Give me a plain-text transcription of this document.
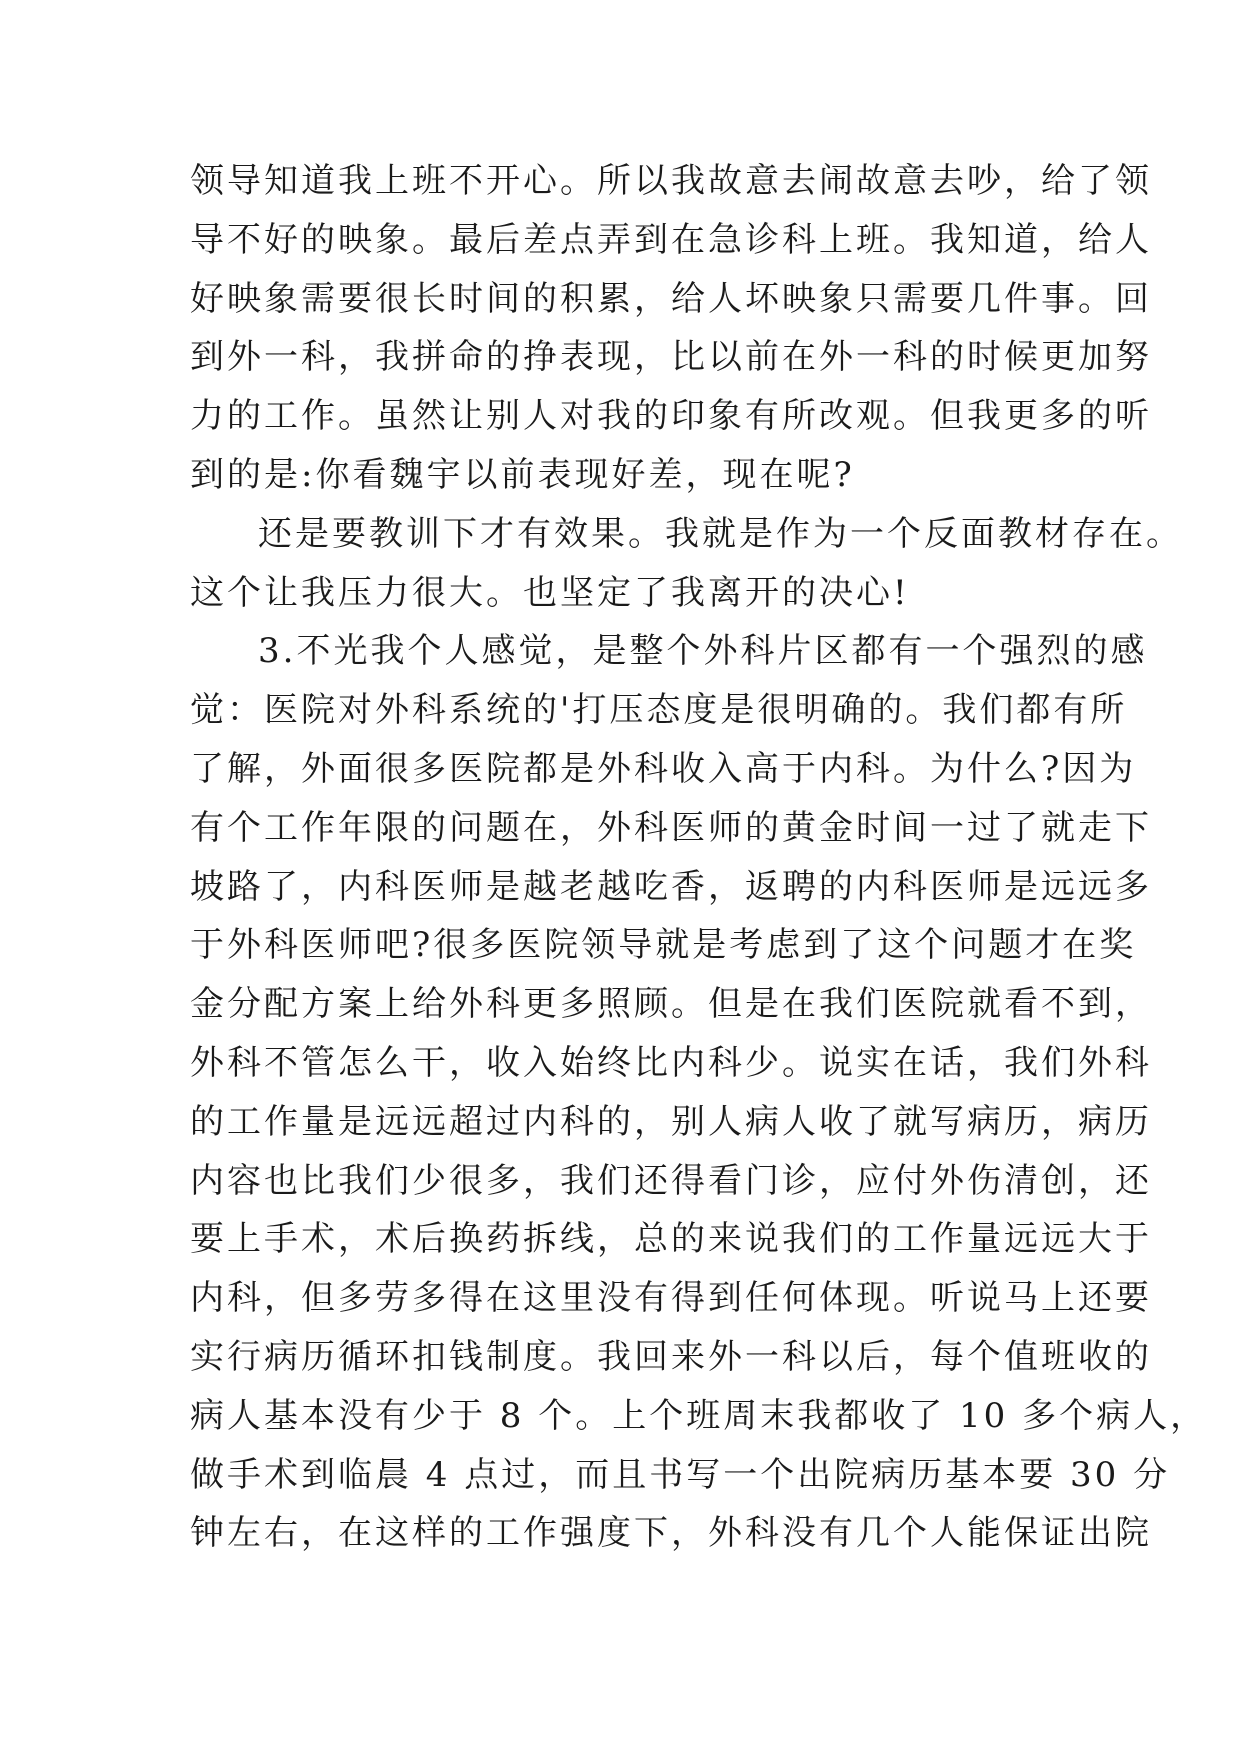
领导知道我上班不开心。所以我故意去闹故意去吵，给了领
导不好的映象。最后差点弄到在急诊科上班。我知道，给人
好映象需要很长时间的积累，给人坏映象只需要几件事。回
到外一科，我拼命的挣表现，比以前在外一科的时候更加努
力的工作。虽然让别人对我的印象有所改观。但我更多的听
到的是:你看魏宇以前表现好差，现在呢?
还是要教训下才有效果。我就是作为一个反面教材存在。
这个让我压力很大。也坚定了我离开的决心!
3.不光我个人感觉，是整个外科片区都有一个强烈的感
觉：医院对外科系统的'打压态度是很明确的。我们都有所
了解，外面很多医院都是外科收入高于内科。为什么?因为
有个工作年限的问题在，外科医师的黄金时间一过了就走下
坡路了，内科医师是越老越吃香，返聘的内科医师是远远多
于外科医师吧?很多医院领导就是考虑到了这个问题才在奖
金分配方案上给外科更多照顾。但是在我们医院就看不到，
外科不管怎么干，收入始终比内科少。说实在话，我们外科
的工作量是远远超过内科的，别人病人收了就写病历，病历
内容也比我们少很多，我们还得看门诊，应付外伤清创，还
要上手术，术后换药拆线，总的来说我们的工作量远远大于
内科，但多劳多得在这里没有得到任何体现。听说马上还要
实行病历循环扣钱制度。我回来外一科以后，每个值班收的
病人基本没有少于 8 个。上个班周末我都收了 10 多个病人，
做手术到临晨 4 点过，而且书写一个出院病历基本要 30 分
钟左右，在这样的工作强度下，外科没有几个人能保证出院
